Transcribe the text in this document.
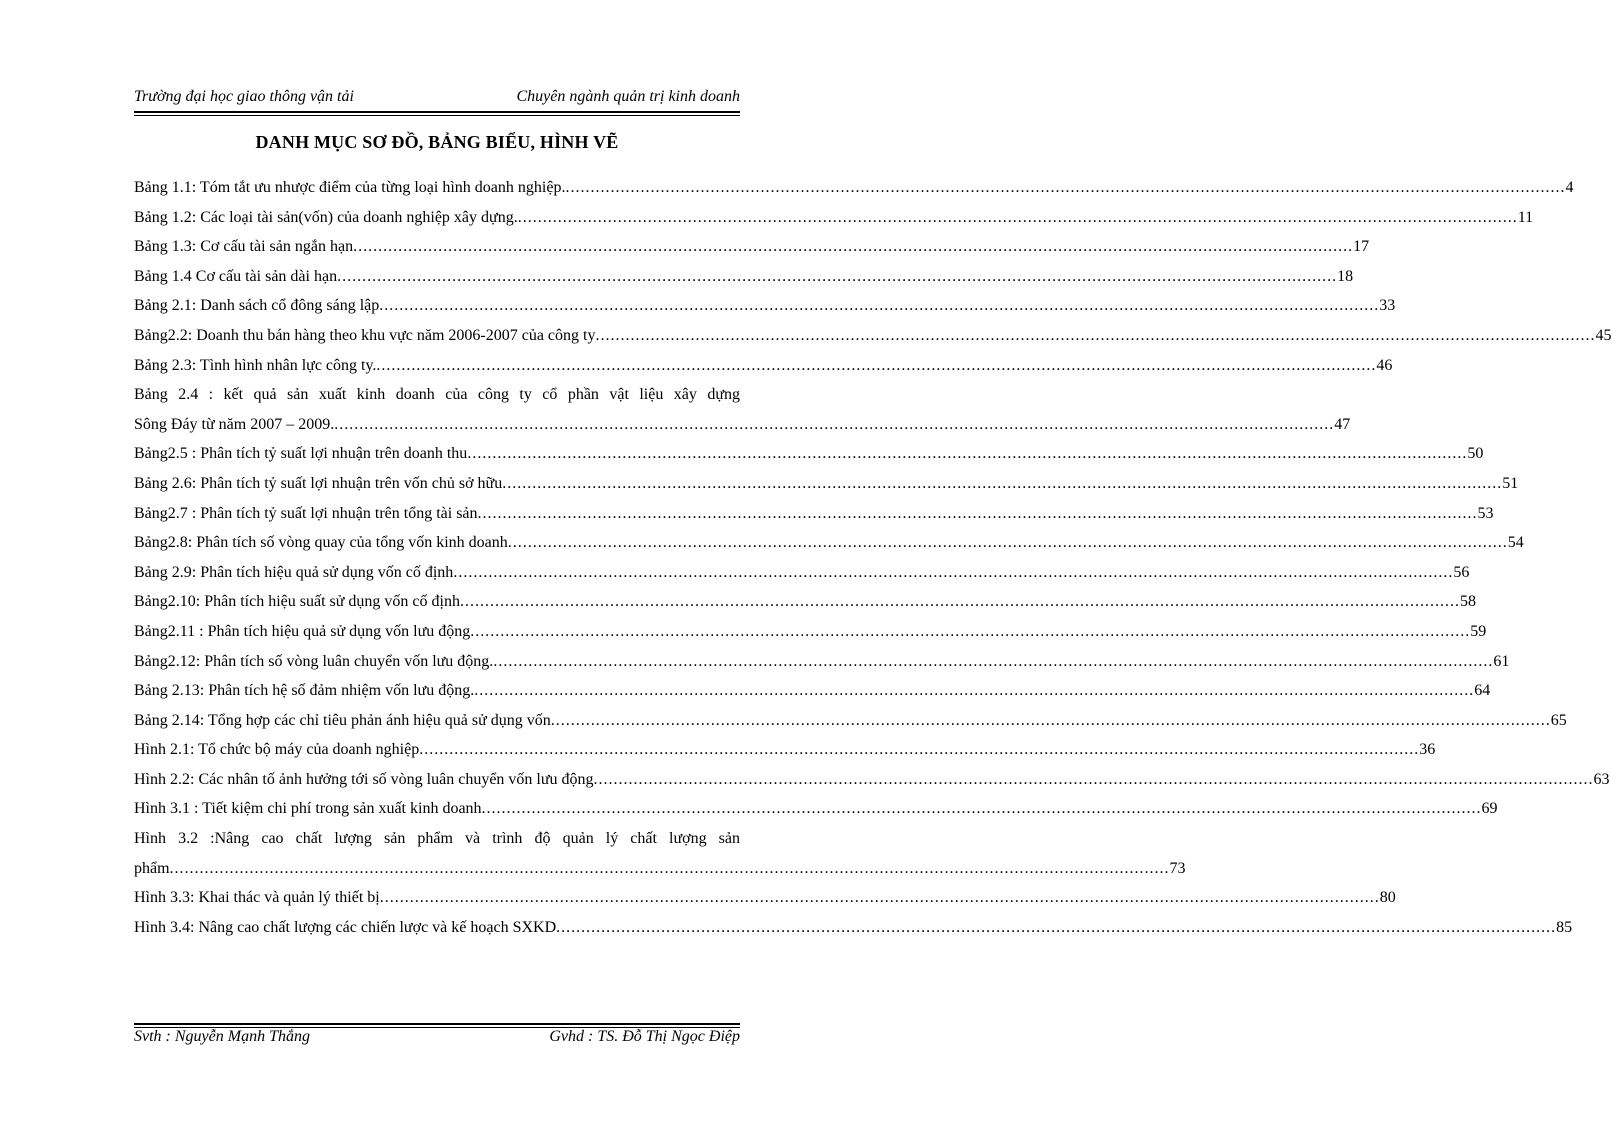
Trường đại học giao thông vận tải	Chuyên ngành quản trị kinh doanh
DANH MỤC SƠ ĐỒ, BẢNG BIỂU, HÌNH VẼ
Bảng 1.1: Tóm tắt ưu nhược điểm của từng loại hình doanh nghiệp. ........................................................................................................................................................................................................ 4
Bảng 1.2: Các loại tài sản(vốn) của doanh nghiệp xây dựng. ........................................................................................................................................................................................................ 11
Bảng 1.3: Cơ cấu tài sản ngắn hạn ........................................................................................................................................................................................................ 17
Bảng 1.4 Cơ cấu tài sản dài hạn ........................................................................................................................................................................................................ 18
Bảng 2.1: Danh sách cổ đông sáng lập ........................................................................................................................................................................................................ 33
Bảng2.2: Doanh thu bán hàng theo khu vực năm 2006-2007 của công ty ........................................................................................................................................................................................................ 45
Bảng 2.3: Tình hình nhân lực công ty. ........................................................................................................................................................................................................ 46
Bảng 2.4 : kết quả sản xuất kinh doanh của công ty cổ phần vật liệu xây dựng
Sông Đáy từ năm 2007 – 2009. ........................................................................................................................................................................................................ 47
Bảng2.5 : Phân tích tỷ suất lợi nhuận trên doanh thu ........................................................................................................................................................................................................ 50
Bảng 2.6: Phân tích tỷ suất lợi nhuận trên vốn chủ sở hữu ........................................................................................................................................................................................................ 51
Bảng2.7 : Phân tích tỷ suất lợi nhuận trên tổng tài sản ........................................................................................................................................................................................................ 53
Bảng2.8: Phân tích số vòng quay của tổng vốn kinh doanh ........................................................................................................................................................................................................ 54
Bảng 2.9: Phân tích hiệu quả sử dụng vốn cố định ........................................................................................................................................................................................................ 56
Bảng2.10: Phân tích hiệu suất sử dụng vốn cố định ........................................................................................................................................................................................................ 58
Bảng2.11 : Phân tích hiệu quả sử dụng vốn lưu động ........................................................................................................................................................................................................ 59
Bảng2.12: Phân tích số vòng luân chuyển vốn lưu động. ........................................................................................................................................................................................................ 61
Bảng 2.13: Phân tích hệ số đảm nhiệm vốn lưu động. ........................................................................................................................................................................................................ 64
Bảng 2.14: Tổng hợp các chỉ tiêu phản ánh hiệu quả sử dụng vốn ........................................................................................................................................................................................................ 65
Hình 2.1: Tổ chức bộ máy của doanh nghiệp ........................................................................................................................................................................................................ 36
Hình 2.2: Các nhân tố ảnh hưởng tới số vòng luân chuyển vốn lưu động ........................................................................................................................................................................................................ 63
Hình 3.1 : Tiết kiệm chi phí trong sản xuất kinh doanh ........................................................................................................................................................................................................ 69
Hình 3.2 :Nâng cao chất lượng sản phẩm và trình độ quản lý chất lượng sản
phẩm ........................................................................................................................................................................................................ 73
Hình 3.3: Khai thác và quản lý thiết bị ........................................................................................................................................................................................................ 80
Hình 3.4: Nâng cao chất lượng các chiến lược và kế hoạch SXKD ........................................................................................................................................................................................................ 85
Svth : Nguyễn Mạnh Thắng	Gvhd : TS. Đỗ Thị Ngọc Điệp
